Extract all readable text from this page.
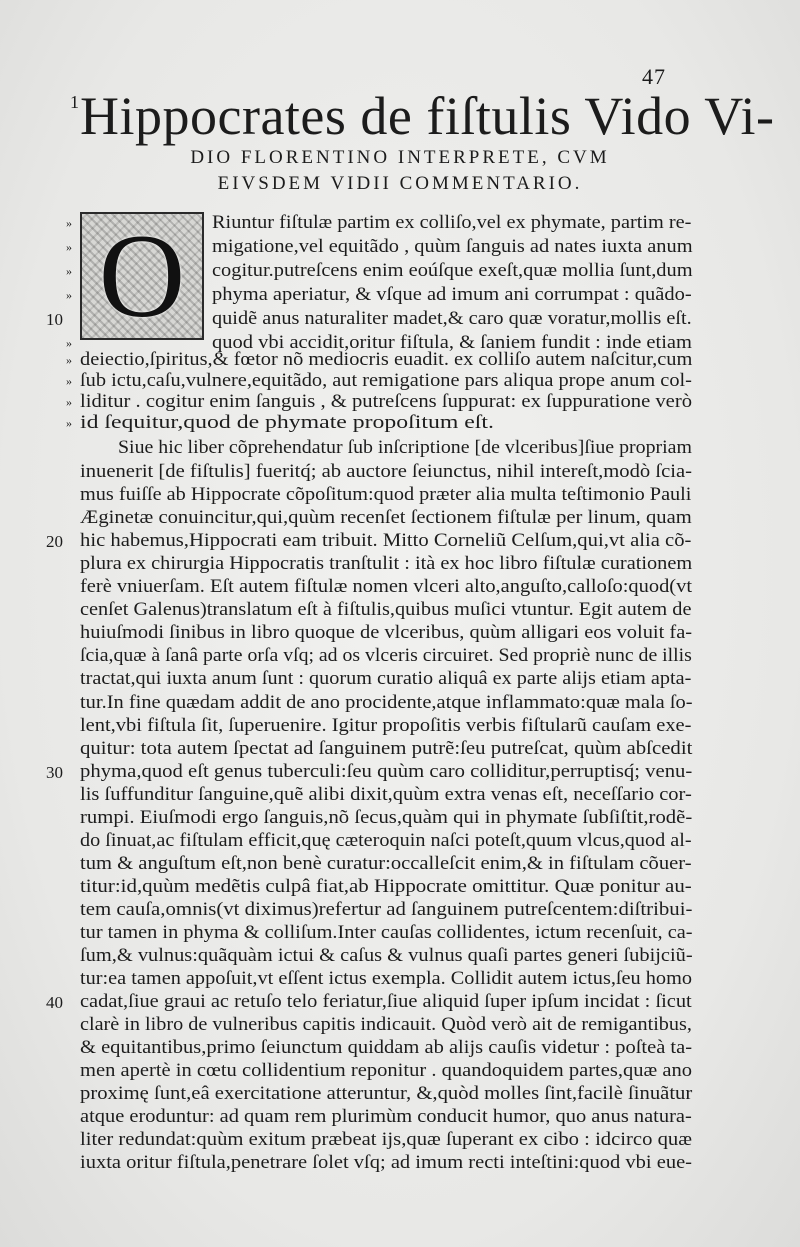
47
1 Hippocrates de fiſtulis Vido Vi-
DIO FLORENTINO INTERPRETE, CVM
EIVSDEM VIDII COMMENTARIO.
O Riuntur fiſtulæ partim ex colliſo,vel ex phymate, partim re-
migatione,vel equitãdo , quùm ſanguis ad nates iuxta anum
cogitur.putreſcens enim eoúſque exeſt,quæ mollia ſunt,dum
phyma aperiatur, & vſque ad imum ani corrumpat : quãdo-
quidẽ anus naturaliter madet,& caro quæ voratur,mollis eſt.
quod vbi accidit,oritur fiſtula, & ſaniem fundit : inde etiam
deiectio,ſpiritus,& fœtor nõ mediocris euadit. ex colliſo autem naſcitur,cum
ſub ictu,caſu,vulnere,equitãdo, aut remigatione pars aliqua prope anum col-
liditur . cogitur enim ſanguis , & putreſcens ſuppurat: ex ſuppuratione verò
id ſequitur,quod de phymate propoſitum eſt.
Siue hic liber cõprehendatur ſub inſcriptione [de vlceribus]ſiue propriam
inuenerit [de fiſtulis] fueritq́; ab auctore ſeiunctus, nihil intereſt,modò ſcia-
mus fuiſſe ab Hippocrate cõpoſitum:quod præter alia multa teſtimonio Pauli
Æginetæ conuincitur,qui,quùm recenſet ſectionem fiſtulæ per linum, quam
hic habemus,Hippocrati eam tribuit. Mitto Corneliũ Celſum,qui,vt alia cõ-
plura ex chirurgia Hippocratis tranſtulit : ità ex hoc libro fiſtulæ curationem
ferè vniuerſam. Eſt autem fiſtulæ nomen vlceri alto,anguſto,calloſo:quod(vt
cenſet Galenus)translatum eſt à fiſtulis,quibus muſici vtuntur. Egit autem de
huiuſmodi ſinibus in libro quoque de vlceribus, quùm alligari eos voluit fa-
ſcia,quæ à ſanâ parte orſa vſq; ad os vlceris circuiret. Sed propriè nunc de illis
tractat,qui iuxta anum ſunt : quorum curatio aliquâ ex parte alijs etiam apta-
tur.In fine quædam addit de ano procidente,atque inflammato:quæ mala ſo-
lent,vbi fiſtula ſit, ſuperuenire. Igitur propoſitis verbis fiſtularũ cauſam exe-
quitur: tota autem ſpectat ad ſanguinem putrẽ:ſeu putreſcat, quùm abſcedit
phyma,quod eſt genus tuberculi:ſeu quùm caro colliditur,perruptisq́; venu-
lis ſuffunditur ſanguine,quẽ alibi dixit,quùm extra venas eſt, neceſſario cor-
rumpi. Eiuſmodi ergo ſanguis,nõ ſecus,quàm qui in phymate ſubſiſtit,rodẽ-
do ſinuat,ac fiſtulam efficit,quę cæteroquin naſci poteſt,quum vlcus,quod al-
tum & anguſtum eſt,non benè curatur:occalleſcit enim,& in fiſtulam cõuer-
titur:id,quùm medẽtis culpâ fiat,ab Hippocrate omittitur. Quæ ponitur au-
tem cauſa,omnis(vt diximus)refertur ad ſanguinem putreſcentem:diſtribui-
tur tamen in phyma & colliſum.Inter cauſas collidentes, ictum recenſuit, ca-
ſum,& vulnus:quãquàm ictui & caſus & vulnus quaſi partes generi ſubijciũ-
tur:ea tamen appoſuit,vt eſſent ictus exempla. Collidit autem ictus,ſeu homo
cadat,ſiue graui ac retuſo telo feriatur,ſiue aliquid ſuper ipſum incidat : ſicut
clarè in libro de vulneribus capitis indicauit. Quòd verò ait de remigantibus,
& equitantibus,primo ſeiunctum quiddam ab alijs cauſis videtur : poſteà ta-
men apertè in cœtu collidentium reponitur . quandoquidem partes,quæ ano
proximę ſunt,eâ exercitatione atteruntur, &,quòd molles ſint,facilè ſinuãtur
atque eroduntur: ad quam rem plurimùm conducit humor, quo anus natura-
liter redundat:quùm exitum præbeat ijs,quæ ſuperant ex cibo : idcirco quæ
iuxta oritur fiſtula,penetrare ſolet vſq; ad imum recti inteſtini:quod vbi eue-
»
»
»
»
»
»
»
»
»
10
20
30
40
